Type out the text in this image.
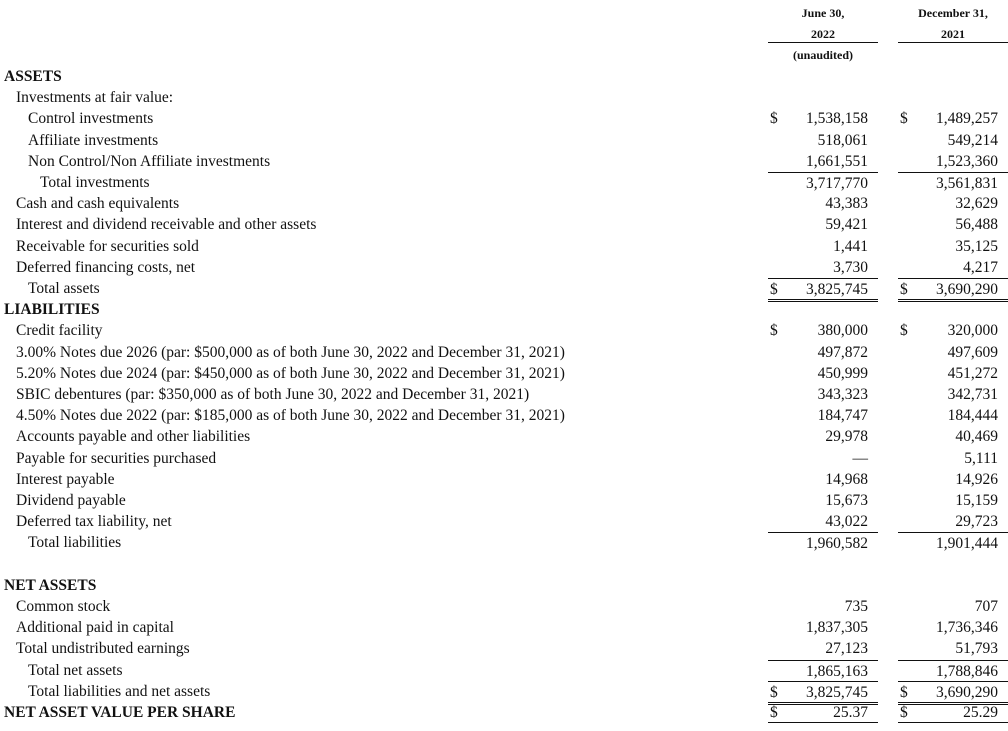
June 30,
2022
(unaudited)
December 31,
2021
ASSETS
Investments at fair value:
Control investments	$ 1,538,158 $ 1,489,257
Affiliate investments	518,061	549,214
Non Control/Non Affiliate investments	1,661,551	1,523,360
Total investments	3,717,770	3,561,831
Cash and cash equivalents	43,383	32,629
Interest and dividend receivable and other assets	59,421	56,488
Receivable for securities sold	1,441	35,125
Deferred financing costs, net	3,730	4,217
Total assets	$ 3,825,745 $ 3,690,290
LIABILITIES
Credit facility	$	380,000 $	320,000
3.00% Notes due 2026 (par: $500,000 as of both June 30, 2022 and December 31, 2021)	497,872	497,609
5.20% Notes due 2024 (par: $450,000 as of both June 30, 2022 and December 31, 2021)	450,999	451,272
SBIC debentures (par: $350,000 as of both June 30, 2022 and December 31, 2021)	343,323	342,731
4.50% Notes due 2022 (par: $185,000 as of both June 30, 2022 and December 31, 2021)	184,747	184,444
Accounts payable and other liabilities	29,978	40,469
Payable for securities purchased	—	5,111
Interest payable	14,968	14,926
Dividend payable	15,673	15,159
Deferred tax liability, net	43,022	29,723
Total liabilities	1,960,582	1,901,444
NET ASSETS
Common stock	735	707
Additional paid in capital	1,837,305	1,736,346
Total undistributed earnings	27,123	51,793
Total net assets	1,865,163	1,788,846
Total liabilities and net assets	$ 3,825,745 $ 3,690,290
NET ASSET VALUE PER SHARE	$	25.37 $	25.29
